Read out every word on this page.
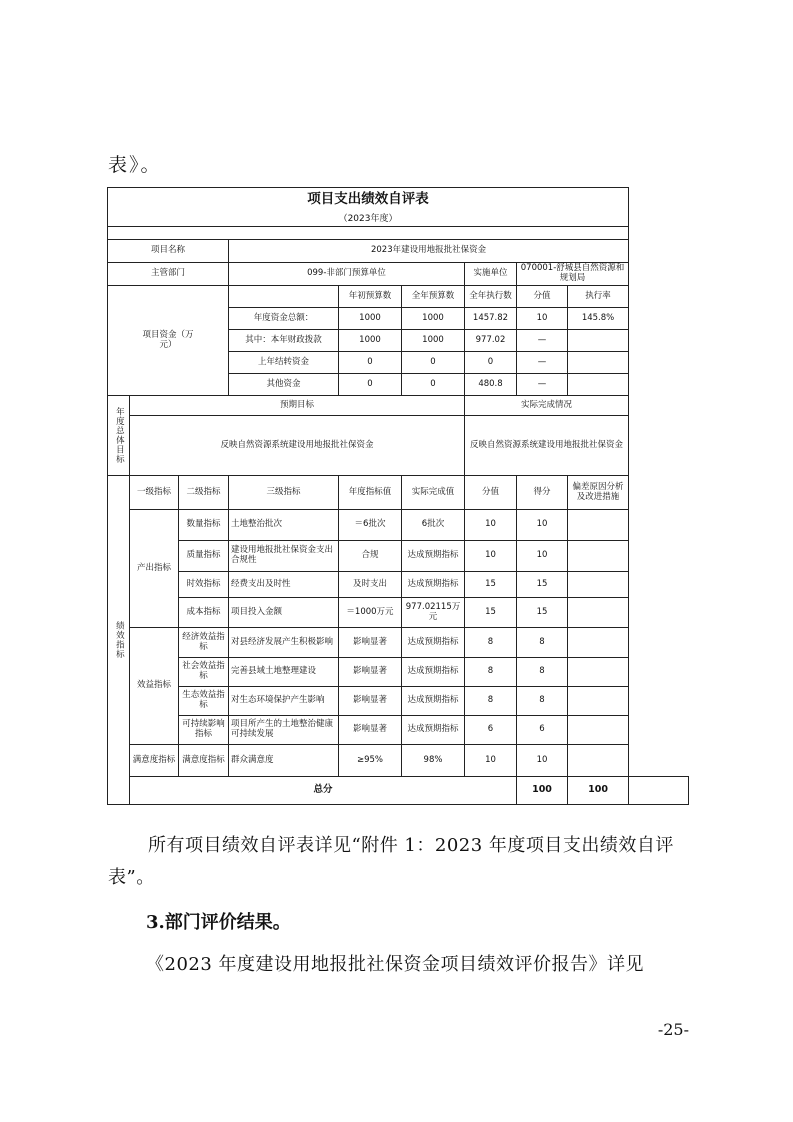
表》。
项目支出绩效自评表									
（2023年度）									

项目名称			2023年建设用地报批社保资金						
主管部门			099-非部门预算单位			实施单位	070001-舒城县自然资源和规划局		
项目资金（万元）				年初预算数	全年预算数	全年执行数	分值	执行率	
			年度资金总额：	1000	1000	1457.82	10	145.8%	
			其中：本年财政拨款	1000	1000	977.02	—		
			上年结转资金	0	0	0	—		
			其他资金	0	0	480.8	—		

年度总体目标	预期目标					实际完成情况			
	反映自然资源系统建设用地报批社保资金					反映自然资源系统建设用地报批社保资金			

绩效指标	一级指标	二级指标	三级指标	年度指标值	实际完成值	分值	得分	偏差原因分析及改进措施	
	产出指标	数量指标	土地整治批次	＝6批次	6批次	10	10		
		质量指标	建设用地报批社保资金支出合规性	合规	达成预期指标	10	10		
		时效指标	经费支出及时性	及时支出	达成预期指标	15	15		
		成本指标	项目投入金额	＝1000万元	977.02115万元	15	15		
	效益指标	经济效益指标	对县经济发展产生积极影响	影响显著	达成预期指标	8	8		
		社会效益指标	完善县域土地整理建设	影响显著	达成预期指标	8	8		
		生态效益指标	对生态环境保护产生影响	影响显著	达成预期指标	8	8		
		可持续影响指标	项目所产生的土地整治健康可持续发展	影响显著	达成预期指标	6	6		
	满意度指标	满意度指标	群众满意度	≥95%	98%	10	10		
	总分						100	100	
所有项目绩效自评表详见“附件 1：2023 年度项目支出绩效自评表”。
3.部门评价结果。
《2023 年度建设用地报批社保资金项目绩效评价报告》详见
-25-
